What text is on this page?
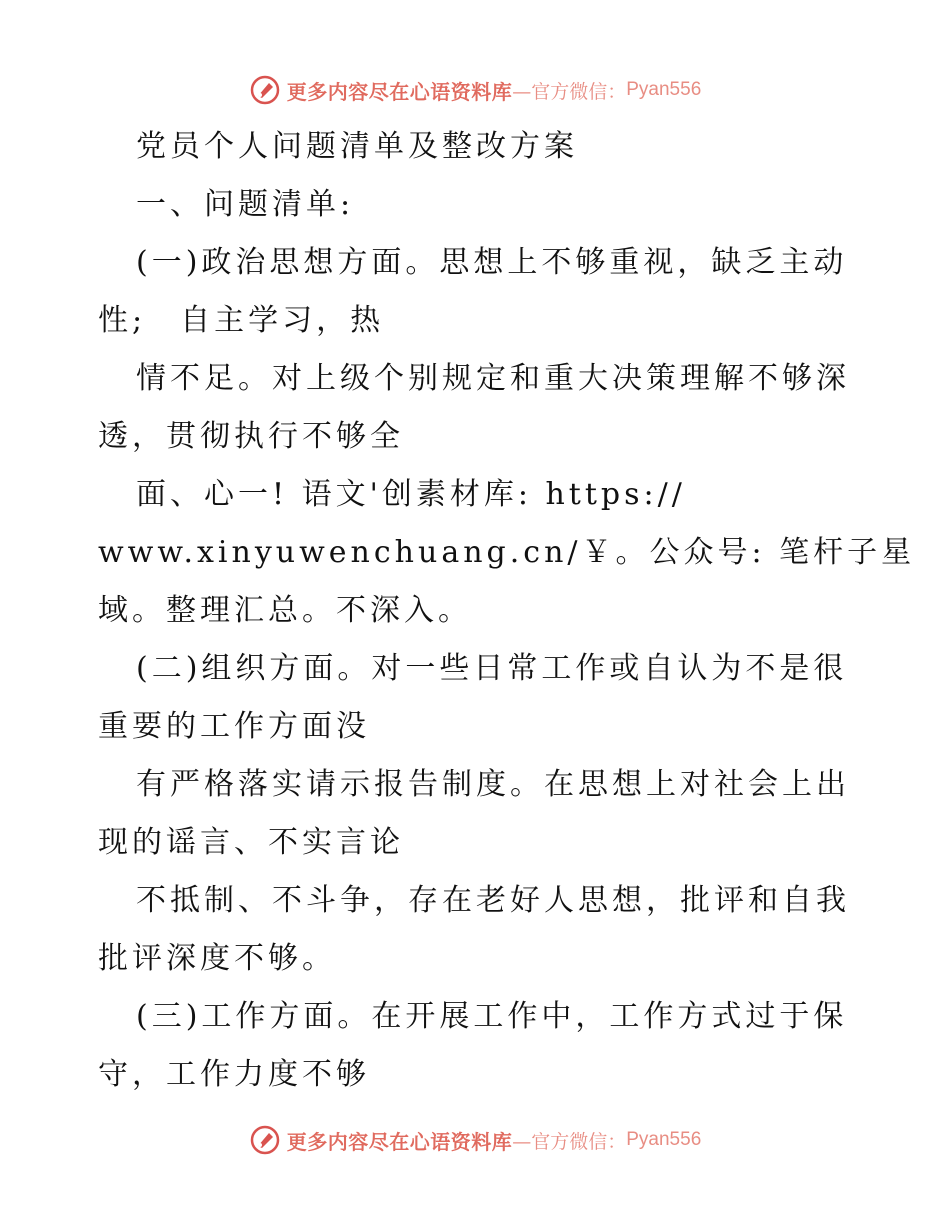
更多内容尽在心语资料库 —官方微信： Pyan556
党员个人问题清单及整改方案
一、问题清单:
(一)政治思想方面。思想上不够重视，缺乏主动
性;　自主学习，热
情不足。对上级个别规定和重大决策理解不够深
透，贯彻执行不够全
面、心一! 语文'创素材库: https://
www.xinyuwenchuang.cn/￥。公众号: 笔杆子星
域。整理汇总。不深入。
(二)组织方面。对一些日常工作或自认为不是很
重要的工作方面没
有严格落实请示报告制度。在思想上对社会上出
现的谣言、不实言论
不抵制、不斗争，存在老好人思想，批评和自我
批评深度不够。
(三)工作方面。在开展工作中，工作方式过于保
守，工作力度不够
更多内容尽在心语资料库 —官方微信： Pyan556
